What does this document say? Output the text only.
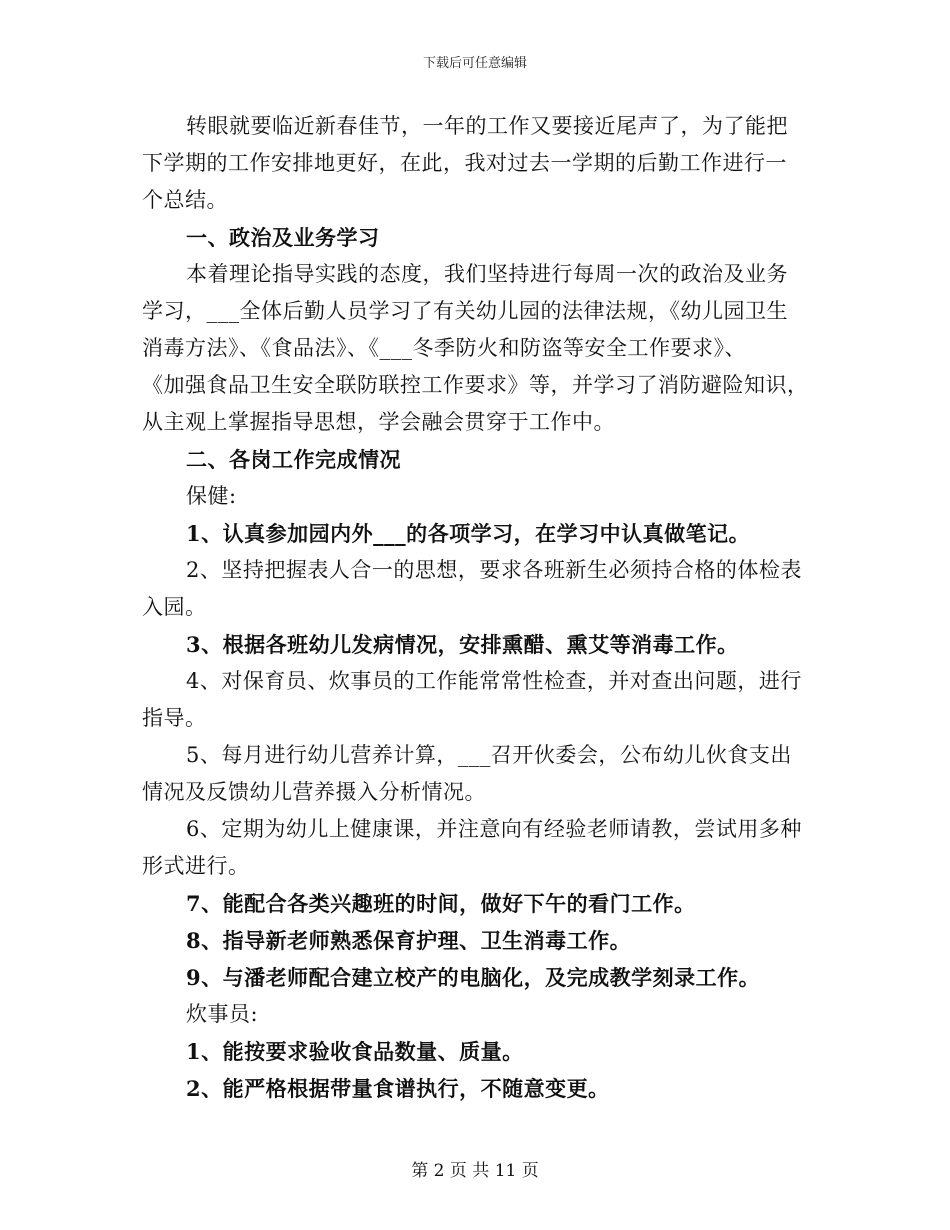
下载后可任意编辑
转眼就要临近新春佳节，一年的工作又要接近尾声了，为了能把
下学期的工作安排地更好，在此，我对过去一学期的后勤工作进行一
个总结。
一、政治及业务学习
本着理论指导实践的态度，我们坚持进行每周一次的政治及业务
学习，___全体后勤人员学习了有关幼儿园的法律法规，《幼儿园卫生
消毒方法》、《食品法》、《___冬季防火和防盗等安全工作要求》、
《加强食品卫生安全联防联控工作要求》等，并学习了消防避险知识，
从主观上掌握指导思想，学会融会贯穿于工作中。
二、各岗工作完成情况
保健:
1、认真参加园内外___的各项学习，在学习中认真做笔记。
2、坚持把握表人合一的思想，要求各班新生必须持合格的体检表
入园。
3、根据各班幼儿发病情况，安排熏醋、熏艾等消毒工作。
4、对保育员、炊事员的工作能常常性检查，并对查出问题，进行
指导。
5、每月进行幼儿营养计算，___召开伙委会，公布幼儿伙食支出
情况及反馈幼儿营养摄入分析情况。
6、定期为幼儿上健康课，并注意向有经验老师请教，尝试用多种
形式进行。
7、能配合各类兴趣班的时间，做好下午的看门工作。
8、指导新老师熟悉保育护理、卫生消毒工作。
9、与潘老师配合建立校产的电脑化，及完成教学刻录工作。
炊事员:
1、能按要求验收食品数量、质量。
2、能严格根据带量食谱执行，不随意变更。
第 2 页 共 11 页
